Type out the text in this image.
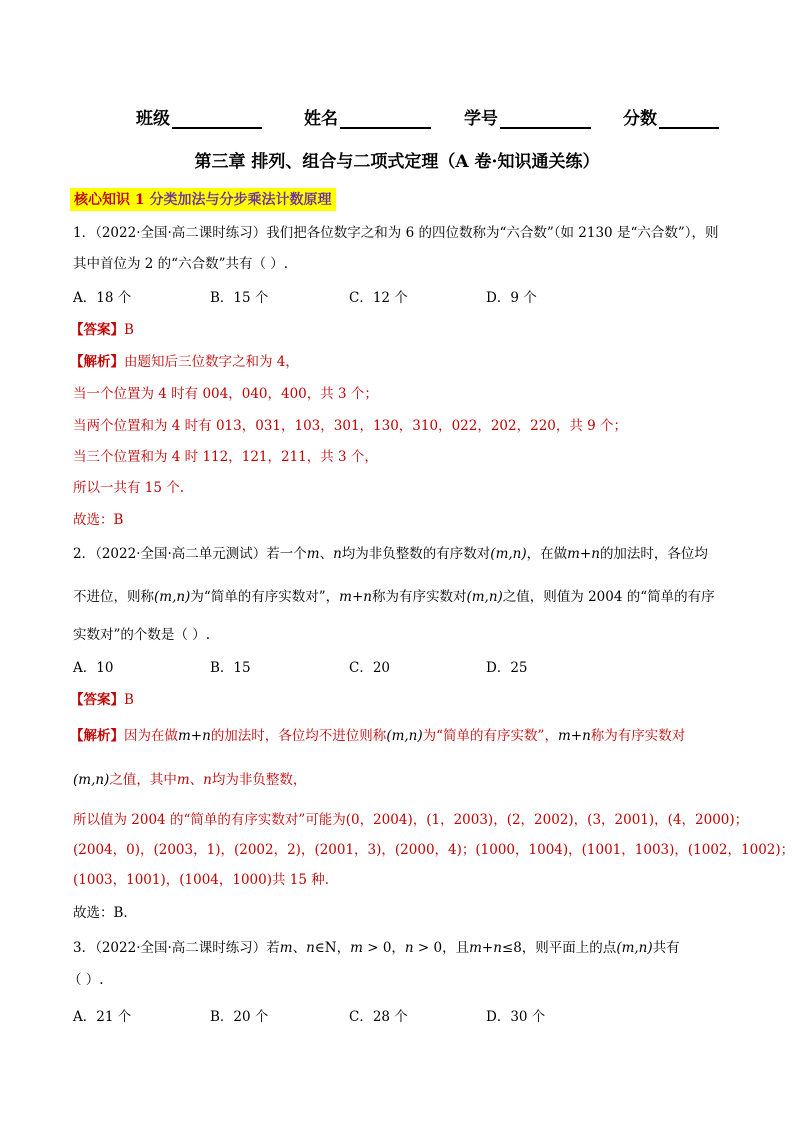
班级	姓名	学号	分数
第三章 排列、组合与二项式定理（A 卷·知识通关练）
核心知识 1 分类加法与分步乘法计数原理
1．（2022·全国·高二课时练习）我们把各位数字之和为 6 的四位数称为“六合数”（如 2130 是“六合数”），则
其中首位为 2 的“六合数”共有（ ）.
A．18 个	B．15 个	C．12 个	D．9 个
【答案】B
【解析】由题知后三位数字之和为 4，
当一个位置为 4 时有 004，040，400，共 3 个；
当两个位置和为 4 时有 013，031，103，301，130，310，022，202，220，共 9 个；
当三个位置和为 4 时 112，121，211，共 3 个，
所以一共有 15 个.
故选：B
2．（2022·全国·高二单元测试）若一个m、n均为非负整数的有序数对(m,n)，在做m+n的加法时，各位均
不进位，则称(m,n)为“简单的有序实数对”，m+n称为有序实数对(m,n)之值，则值为 2004 的“简单的有序
实数对”的个数是（ ）.
A．10	B．15	C．20	D．25
【答案】B
【解析】因为在做m+n的加法时，各位均不进位则称(m,n)为“简单的有序实数”，m+n称为有序实数对
(m,n)之值，其中m、n均为非负整数，
所以值为 2004 的“简单的有序实数对”可能为(0，2004)，(1，2003)，(2，2002)，(3，2001)，(4，2000)；
(2004，0)，(2003，1)，(2002，2)，(2001，3)，(2000，4)；(1000，1004)，(1001，1003)，(1002，1002)；
(1003，1001)，(1004，1000)共 15 种.
故选：B.
3．（2022·全国·高二课时练习）若m、n∈N，m > 0，n > 0，且m+n≤8，则平面上的点(m,n)共有
（ ）.
A．21 个	B．20 个	C．28 个	D．30 个
